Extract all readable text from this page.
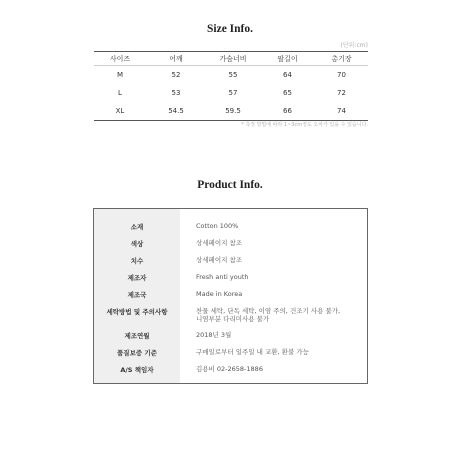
Size Info.
(단위:cm)
사이즈	어깨	가슴너비	팔길이	총기장
M	52	55	64	70
L	53	57	65	72
XL	54.5	59.5	66	74
* 측정 방법에 따라 1~3cm정도 오차가 있을 수 있습니다.
Product Info.
소재	Cotton 100%
색상	상세페이지 참조
치수	상세페이지 참조
제조자	Fresh anti youth
제조국	Made in Korea
세탁방법 및 주의사항	찬물 세탁, 단독 세탁, 이염 주의, 건조기 사용 불가,
니염부분 다리미사용 불가
제조연월	2018년 3월
품질보증 기준	구매일로부터 일주일 내 교환, 환불 가능
A/S 책임자	김용비 02-2658-1886
